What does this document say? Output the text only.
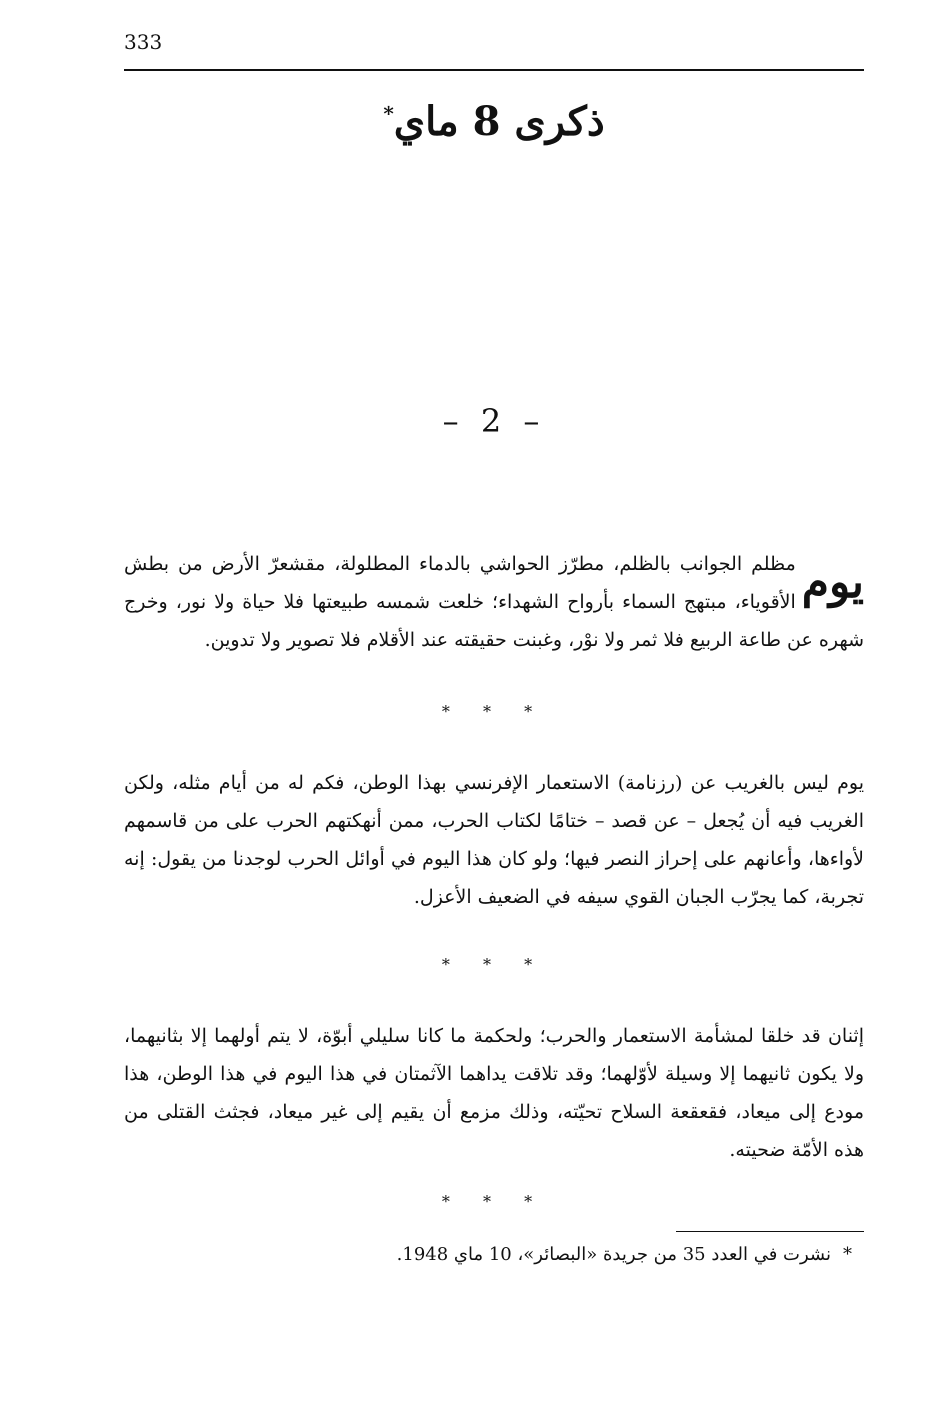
333
ذكرى 8 ماي*
– 2 –
يوم
مظلم الجوانب بالظلم، مطرّز الحواشي بالدماء المطلولة، مقشعرّ الأرض من بطش الأقوياء، مبتهج السماء بأرواح الشهداء؛ خلعت شمسه طبيعتها فلا حياة ولا نور، وخرج شهره عن طاعة الربيع فلا ثمر ولا نوْر، وغبنت حقيقته عند الأقلام فلا تصوير ولا تدوين.
* * *
يوم ليس بالغريب عن (رزنامة) الاستعمار الإفرنسي بهذا الوطن، فكم له من أيام مثله، ولكن الغريب فيه أن يُجعل – عن قصد – ختامًا لكتاب الحرب، ممن أنهكتهم الحرب على من قاسمهم لأواءها، وأعانهم على إحراز النصر فيها؛ ولو كان هذا اليوم في أوائل الحرب لوجدنا من يقول: إنه تجربة، كما يجرّب الجبان القوي سيفه في الضعيف الأعزل.
* * *
إثنان قد خلقا لمشأمة الاستعمار والحرب؛ ولحكمة ما كانا سليلي أبوّة، لا يتم أولهما إلا بثانيهما، ولا يكون ثانيهما إلا وسيلة لأوّلهما؛ وقد تلاقت يداهما الآثمتان في هذا اليوم في هذا الوطن، هذا مودع إلى ميعاد، فقعقعة السلاح تحيّته، وذلك مزمع أن يقيم إلى غير ميعاد، فجثث القتلى من هذه الأمّة ضحيته.
* * *
*نشرت في العدد 35 من جريدة «البصائر»، 10 ماي 1948.
